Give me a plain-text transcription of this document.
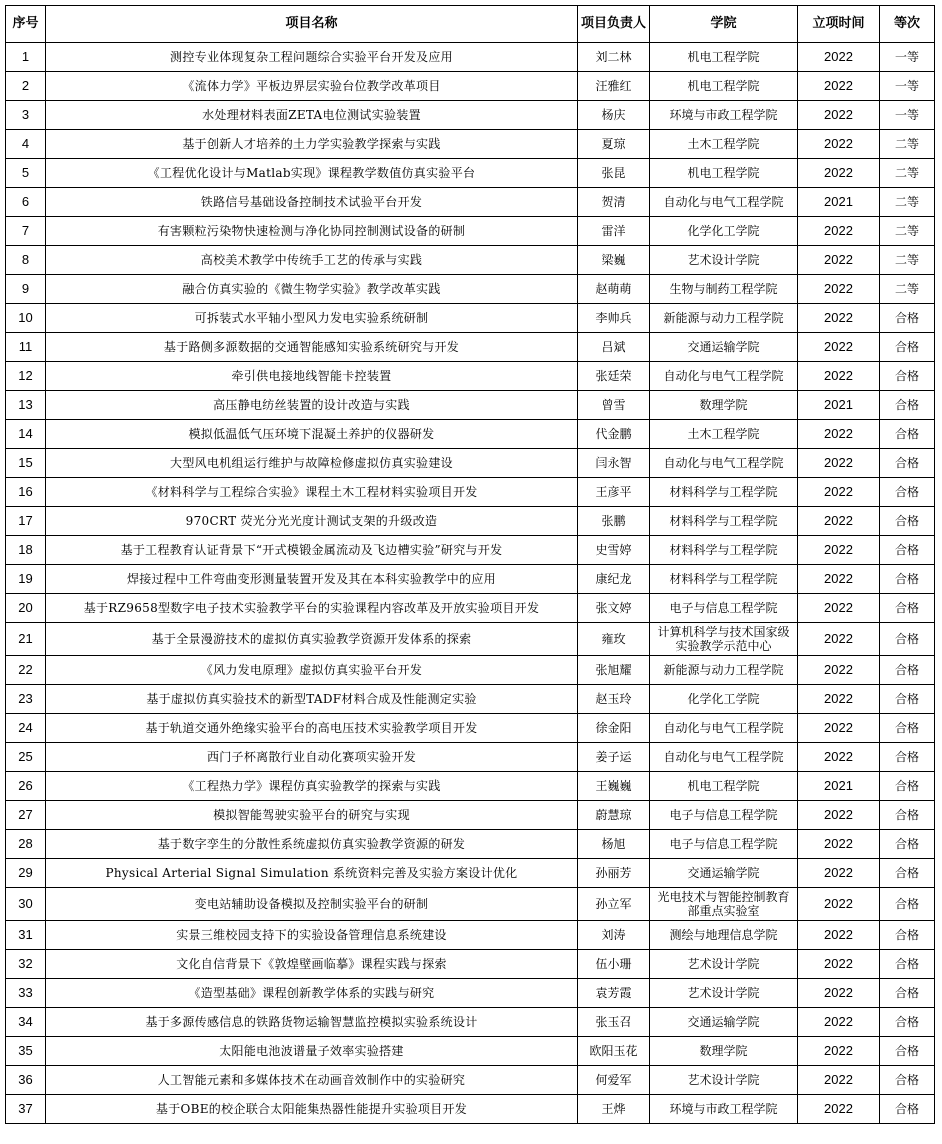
序号	项目名称	项目负责人	学院	立项时间	等次
1	测控专业体现复杂工程问题综合实验平台开发及应用	刘二林	机电工程学院	2022	一等
2	《流体力学》平板边界层实验台位教学改革项目	汪雅红	机电工程学院	2022	一等
3	水处理材料表面ZETA电位测试实验装置	杨庆	环境与市政工程学院	2022	一等
4	基于创新人才培养的土力学实验教学探索与实践	夏琼	土木工程学院	2022	二等
5	《工程优化设计与Matlab实现》课程教学数值仿真实验平台	张昆	机电工程学院	2022	二等
6	铁路信号基础设备控制技术试验平台开发	贺清	自动化与电气工程学院	2021	二等
7	有害颗粒污染物快速检测与净化协同控制测试设备的研制	雷洋	化学化工学院	2022	二等
8	高校美术教学中传统手工艺的传承与实践	梁巍	艺术设计学院	2022	二等
9	融合仿真实验的《微生物学实验》教学改革实践	赵萌萌	生物与制药工程学院	2022	二等
10	可拆装式水平轴小型风力发电实验系统研制	李帅兵	新能源与动力工程学院	2022	合格
11	基于路侧多源数据的交通智能感知实验系统研究与开发	吕斌	交通运输学院	2022	合格
12	牵引供电接地线智能卡控装置	张廷荣	自动化与电气工程学院	2022	合格
13	高压静电纺丝装置的设计改造与实践	曾雪	数理学院	2021	合格
14	模拟低温低气压环境下混凝土养护的仪器研发	代金鹏	土木工程学院	2022	合格
15	大型风电机组运行维护与故障检修虚拟仿真实验建设	闫永智	自动化与电气工程学院	2022	合格
16	《材料科学与工程综合实验》课程土木工程材料实验项目开发	王彦平	材料科学与工程学院	2022	合格
17	970CRT 荧光分光光度计测试支架的升级改造	张鹏	材料科学与工程学院	2022	合格
18	基于工程教育认证背景下“开式模锻金属流动及飞边槽实验”研究与开发	史雪婷	材料科学与工程学院	2022	合格
19	焊接过程中工件弯曲变形测量装置开发及其在本科实验教学中的应用	康纪龙	材料科学与工程学院	2022	合格
20	基于RZ9658型数字电子技术实验教学平台的实验课程内容改革及开放实验项目开发	张文婷	电子与信息工程学院	2022	合格
21	基于全景漫游技术的虚拟仿真实验教学资源开发体系的探索	雍玫	计算机科学与技术国家级实验教学示范中心	2022	合格
22	《风力发电原理》虚拟仿真实验平台开发	张旭耀	新能源与动力工程学院	2022	合格
23	基于虚拟仿真实验技术的新型TADF材料合成及性能测定实验	赵玉玲	化学化工学院	2022	合格
24	基于轨道交通外绝缘实验平台的高电压技术实验教学项目开发	徐金阳	自动化与电气工程学院	2022	合格
25	西门子杯离散行业自动化赛项实验开发	姜子运	自动化与电气工程学院	2022	合格
26	《工程热力学》课程仿真实验教学的探索与实践	王巍巍	机电工程学院	2021	合格
27	模拟智能驾驶实验平台的研究与实现	蔚慧琼	电子与信息工程学院	2022	合格
28	基于数字孪生的分散性系统虚拟仿真实验教学资源的研发	杨旭	电子与信息工程学院	2022	合格
29	Physical Arterial Signal Simulation 系统资料完善及实验方案设计优化	孙丽芳	交通运输学院	2022	合格
30	变电站辅助设备模拟及控制实验平台的研制	孙立军	光电技术与智能控制教育部重点实验室	2022	合格
31	实景三维校园支持下的实验设备管理信息系统建设	刘涛	测绘与地理信息学院	2022	合格
32	文化自信背景下《敦煌壁画临摹》课程实践与探索	伍小珊	艺术设计学院	2022	合格
33	《造型基础》课程创新教学体系的实践与研究	袁芳霞	艺术设计学院	2022	合格
34	基于多源传感信息的铁路货物运输智慧监控模拟实验系统设计	张玉召	交通运输学院	2022	合格
35	太阳能电池波谱量子效率实验搭建	欧阳玉花	数理学院	2022	合格
36	人工智能元素和多媒体技术在动画音效制作中的实验研究	何爱军	艺术设计学院	2022	合格
37	基于OBE的校企联合太阳能集热器性能提升实验项目开发	王烨	环境与市政工程学院	2022	合格
